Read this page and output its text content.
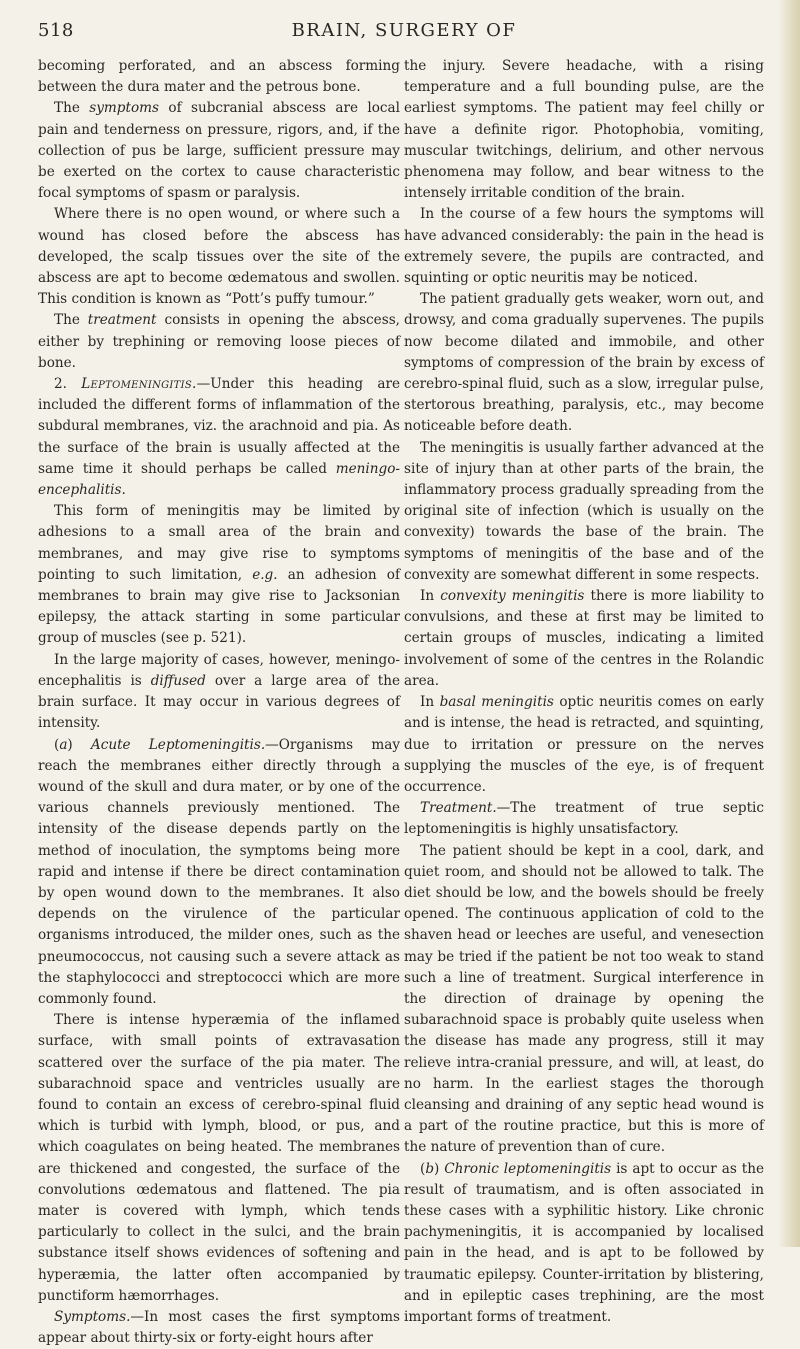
518	BRAIN, SURGERY OF

becoming perforated, and an abscess forming between the dura mater and the petrous bone.

The symptoms of subcranial abscess are local pain and tenderness on pressure, rigors, and, if the collection of pus be large, sufficient pressure may be exerted on the cortex to cause characteristic focal symptoms of spasm or paralysis.

Where there is no open wound, or where such a wound has closed before the abscess has developed, the scalp tissues over the site of the abscess are apt to become œdematous and swollen. This condition is known as “Pott’s puffy tumour.”

The treatment consists in opening the abscess, either by trephining or removing loose pieces of bone.

2. Leptomeningitis.—Under this heading are included the different forms of inflammation of the subdural membranes, viz. the arachnoid and pia. As the surface of the brain is usually affected at the same time it should perhaps be called meningo-encephalitis.

This form of meningitis may be limited by adhesions to a small area of the brain and membranes, and may give rise to symptoms pointing to such limitation, e.g. an adhesion of membranes to brain may give rise to Jacksonian epilepsy, the attack starting in some particular group of muscles (see p. 521).

In the large majority of cases, however, meningo-encephalitis is diffused over a large area of the brain surface. It may occur in various degrees of intensity.

(a) Acute Leptomeningitis.—Organisms may reach the membranes either directly through a wound of the skull and dura mater, or by one of the various channels previously mentioned. The intensity of the disease depends partly on the method of inoculation, the symptoms being more rapid and intense if there be direct contamination by open wound down to the membranes. It also depends on the virulence of the particular organisms introduced, the milder ones, such as the pneumococcus, not causing such a severe attack as the staphylococci and streptococci which are more commonly found.

There is intense hyperæmia of the inflamed surface, with small points of extravasation scattered over the surface of the pia mater. The subarachnoid space and ventricles usually are found to contain an excess of cerebro-spinal fluid which is turbid with lymph, blood, or pus, and which coagulates on being heated. The membranes are thickened and congested, the surface of the convolutions œdematous and flattened. The pia mater is covered with lymph, which tends particularly to collect in the sulci, and the brain substance itself shows evidences of softening and hyperæmia, the latter often accompanied by punctiform hæmorrhages.

Symptoms.—In most cases the first symptoms appear about thirty-six or forty-eight hours after

the injury. Severe headache, with a rising temperature and a full bounding pulse, are the earliest symptoms. The patient may feel chilly or have a definite rigor. Photophobia, vomiting, muscular twitchings, delirium, and other nervous phenomena may follow, and bear witness to the intensely irritable condition of the brain.

In the course of a few hours the symptoms will have advanced considerably: the pain in the head is extremely severe, the pupils are contracted, and squinting or optic neuritis may be noticed.

The patient gradually gets weaker, worn out, and drowsy, and coma gradually supervenes. The pupils now become dilated and immobile, and other symptoms of compression of the brain by excess of cerebro-spinal fluid, such as a slow, irregular pulse, stertorous breathing, paralysis, etc., may become noticeable before death.

The meningitis is usually farther advanced at the site of injury than at other parts of the brain, the inflammatory process gradually spreading from the original site of infection (which is usually on the convexity) towards the base of the brain. The symptoms of meningitis of the base and of the convexity are somewhat different in some respects.

In convexity meningitis there is more liability to convulsions, and these at first may be limited to certain groups of muscles, indicating a limited involvement of some of the centres in the Rolandic area.

In basal meningitis optic neuritis comes on early and is intense, the head is retracted, and squinting, due to irritation or pressure on the nerves supplying the muscles of the eye, is of frequent occurrence.

Treatment.—The treatment of true septic leptomeningitis is highly unsatisfactory.

The patient should be kept in a cool, dark, and quiet room, and should not be allowed to talk. The diet should be low, and the bowels should be freely opened. The continuous application of cold to the shaven head or leeches are useful, and venesection may be tried if the patient be not too weak to stand such a line of treatment. Surgical interference in the direction of drainage by opening the subarachnoid space is probably quite useless when the disease has made any progress, still it may relieve intra-cranial pressure, and will, at least, do no harm. In the earliest stages the thorough cleansing and draining of any septic head wound is a part of the routine practice, but this is more of the nature of prevention than of cure.

(b) Chronic leptomeningitis is apt to occur as the result of traumatism, and is often associated in these cases with a syphilitic history. Like chronic pachymeningitis, it is accompanied by localised pain in the head, and is apt to be followed by traumatic epilepsy. Counter-irritation by blistering, and in epileptic cases trephining, are the most important forms of treatment.
